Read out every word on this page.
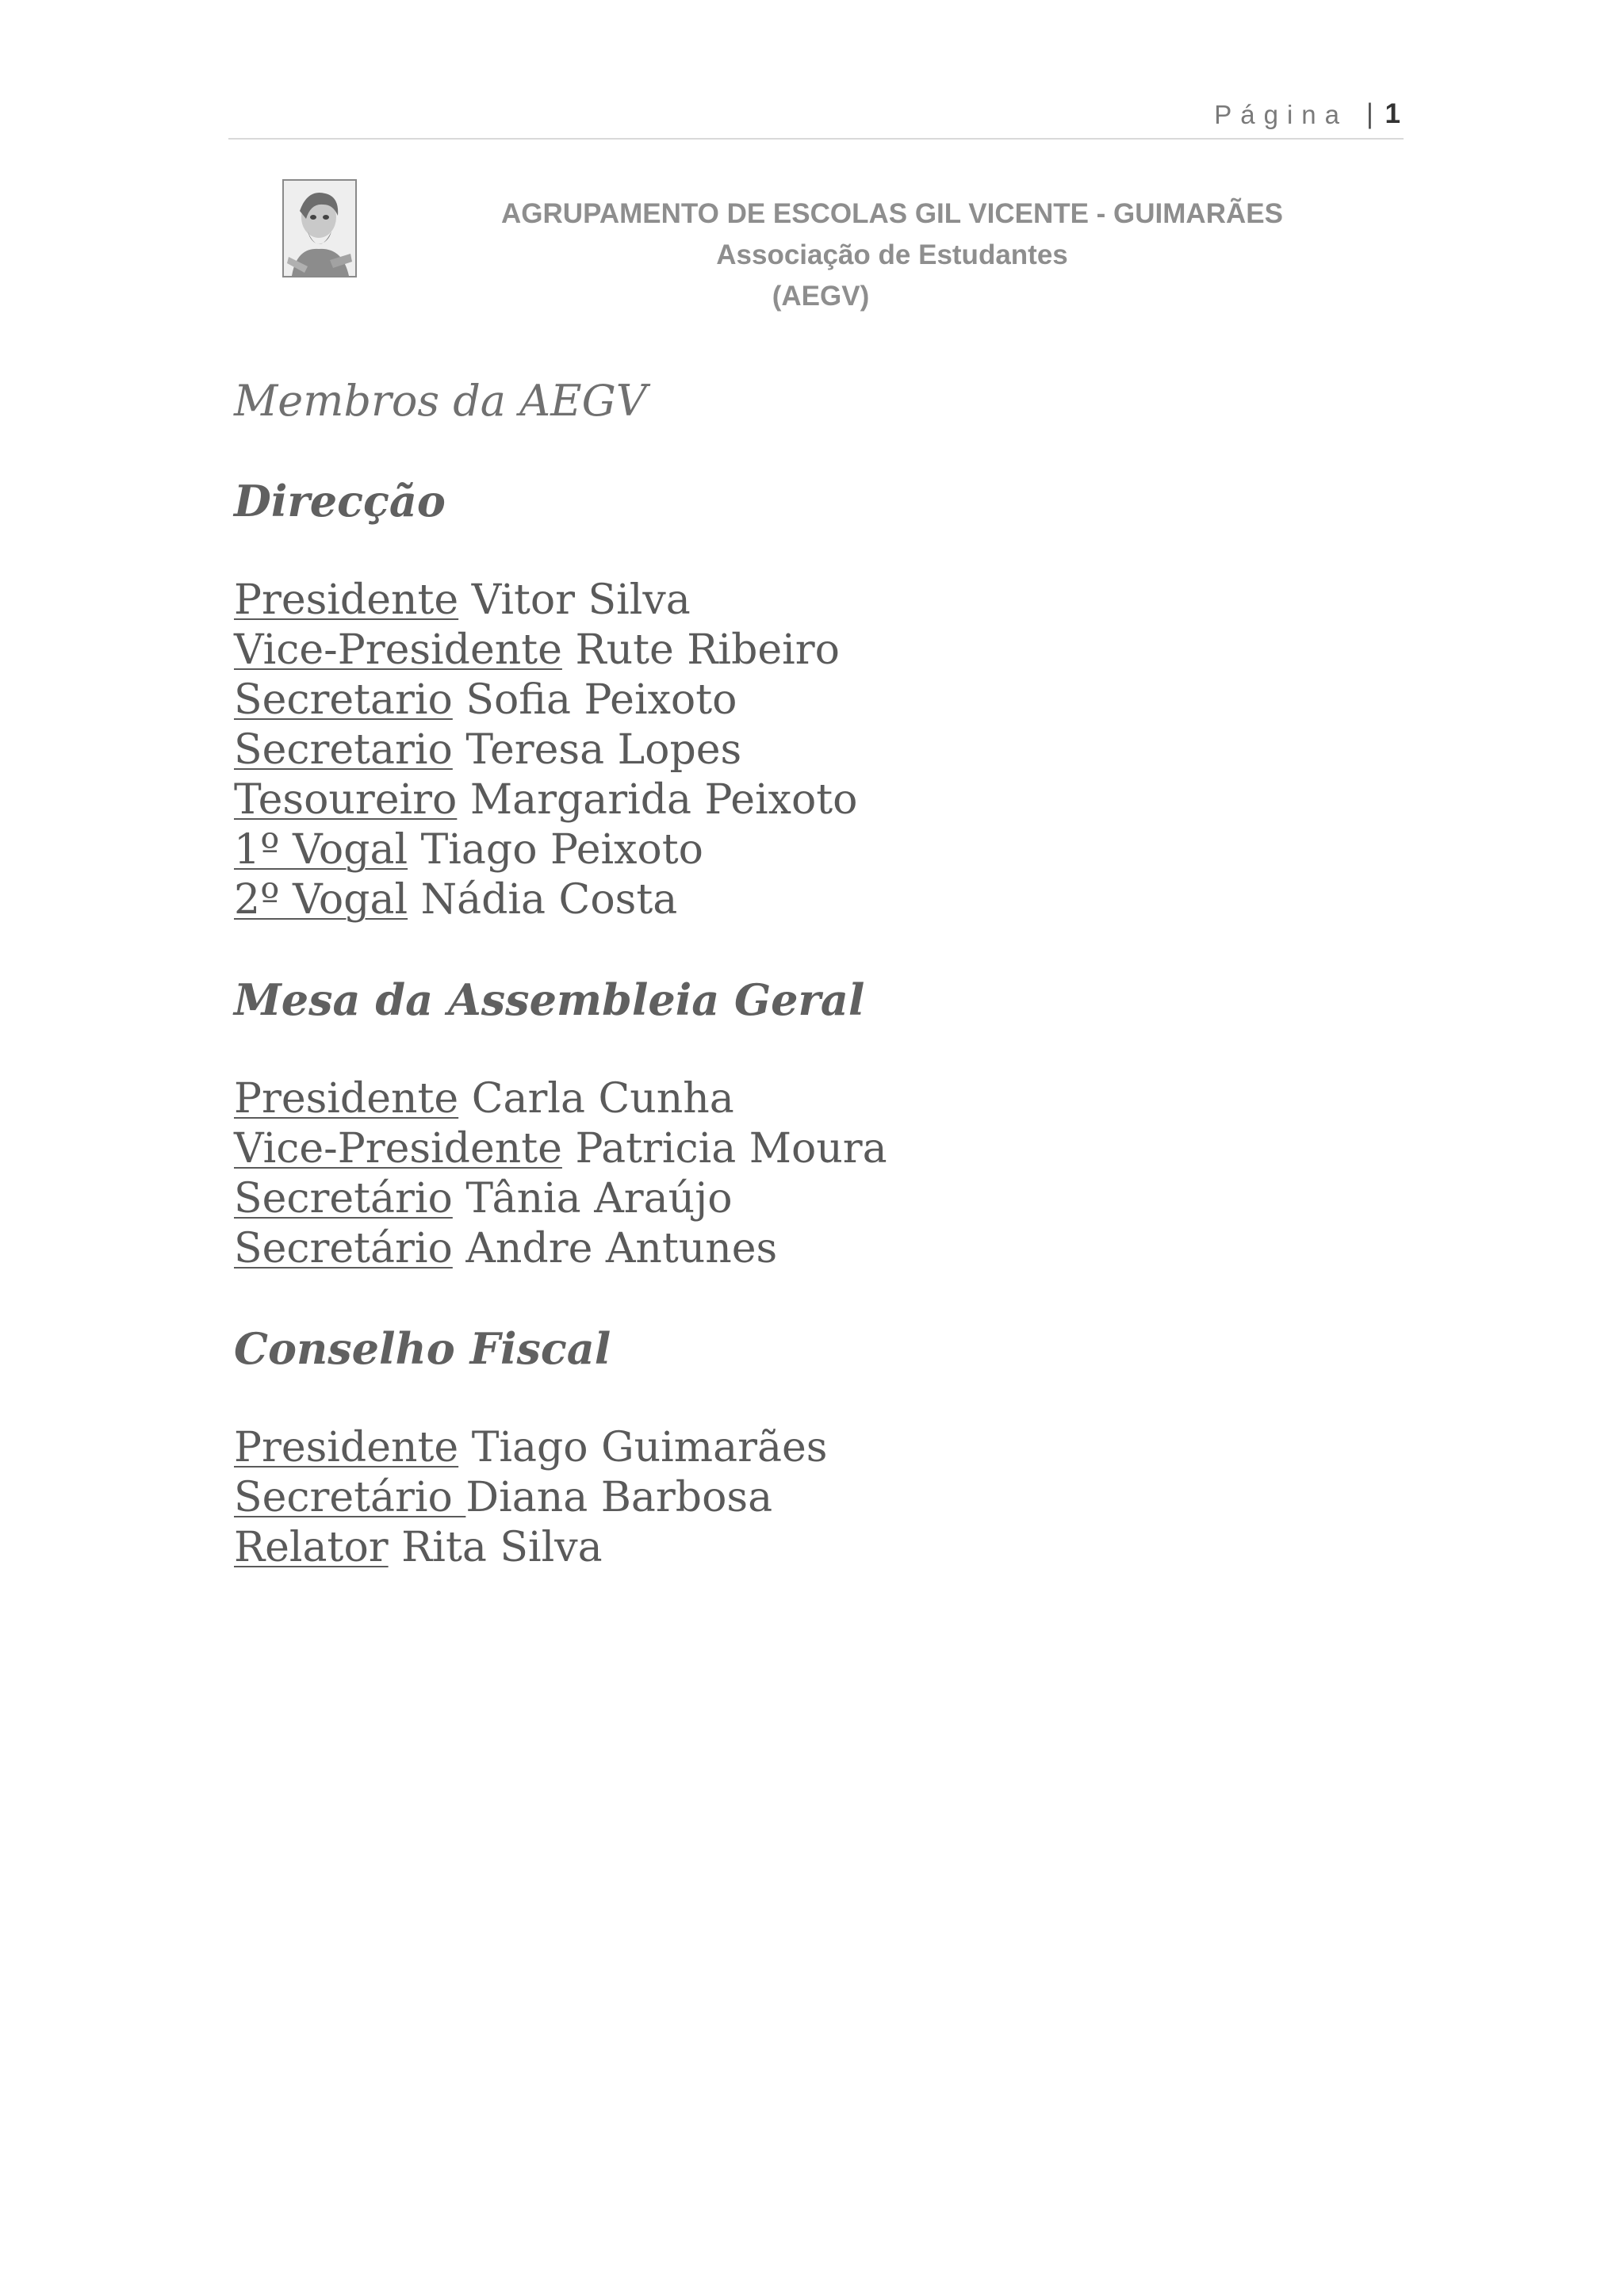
Página | 1
AGRUPAMENTO DE ESCOLAS GIL VICENTE - GUIMARÃES
Associação de Estudantes
(AEGV)
Membros da AEGV
Direcção
Presidente Vitor Silva
Vice-Presidente Rute Ribeiro
Secretario Sofia Peixoto
Secretario Teresa Lopes
Tesoureiro Margarida Peixoto
1º Vogal Tiago Peixoto
2º Vogal Nádia Costa
Mesa da Assembleia Geral
Presidente Carla Cunha
Vice-Presidente Patricia Moura
Secretário Tânia Araújo
Secretário Andre Antunes
Conselho Fiscal
Presidente Tiago Guimarães
Secretário Diana Barbosa
Relator Rita Silva
